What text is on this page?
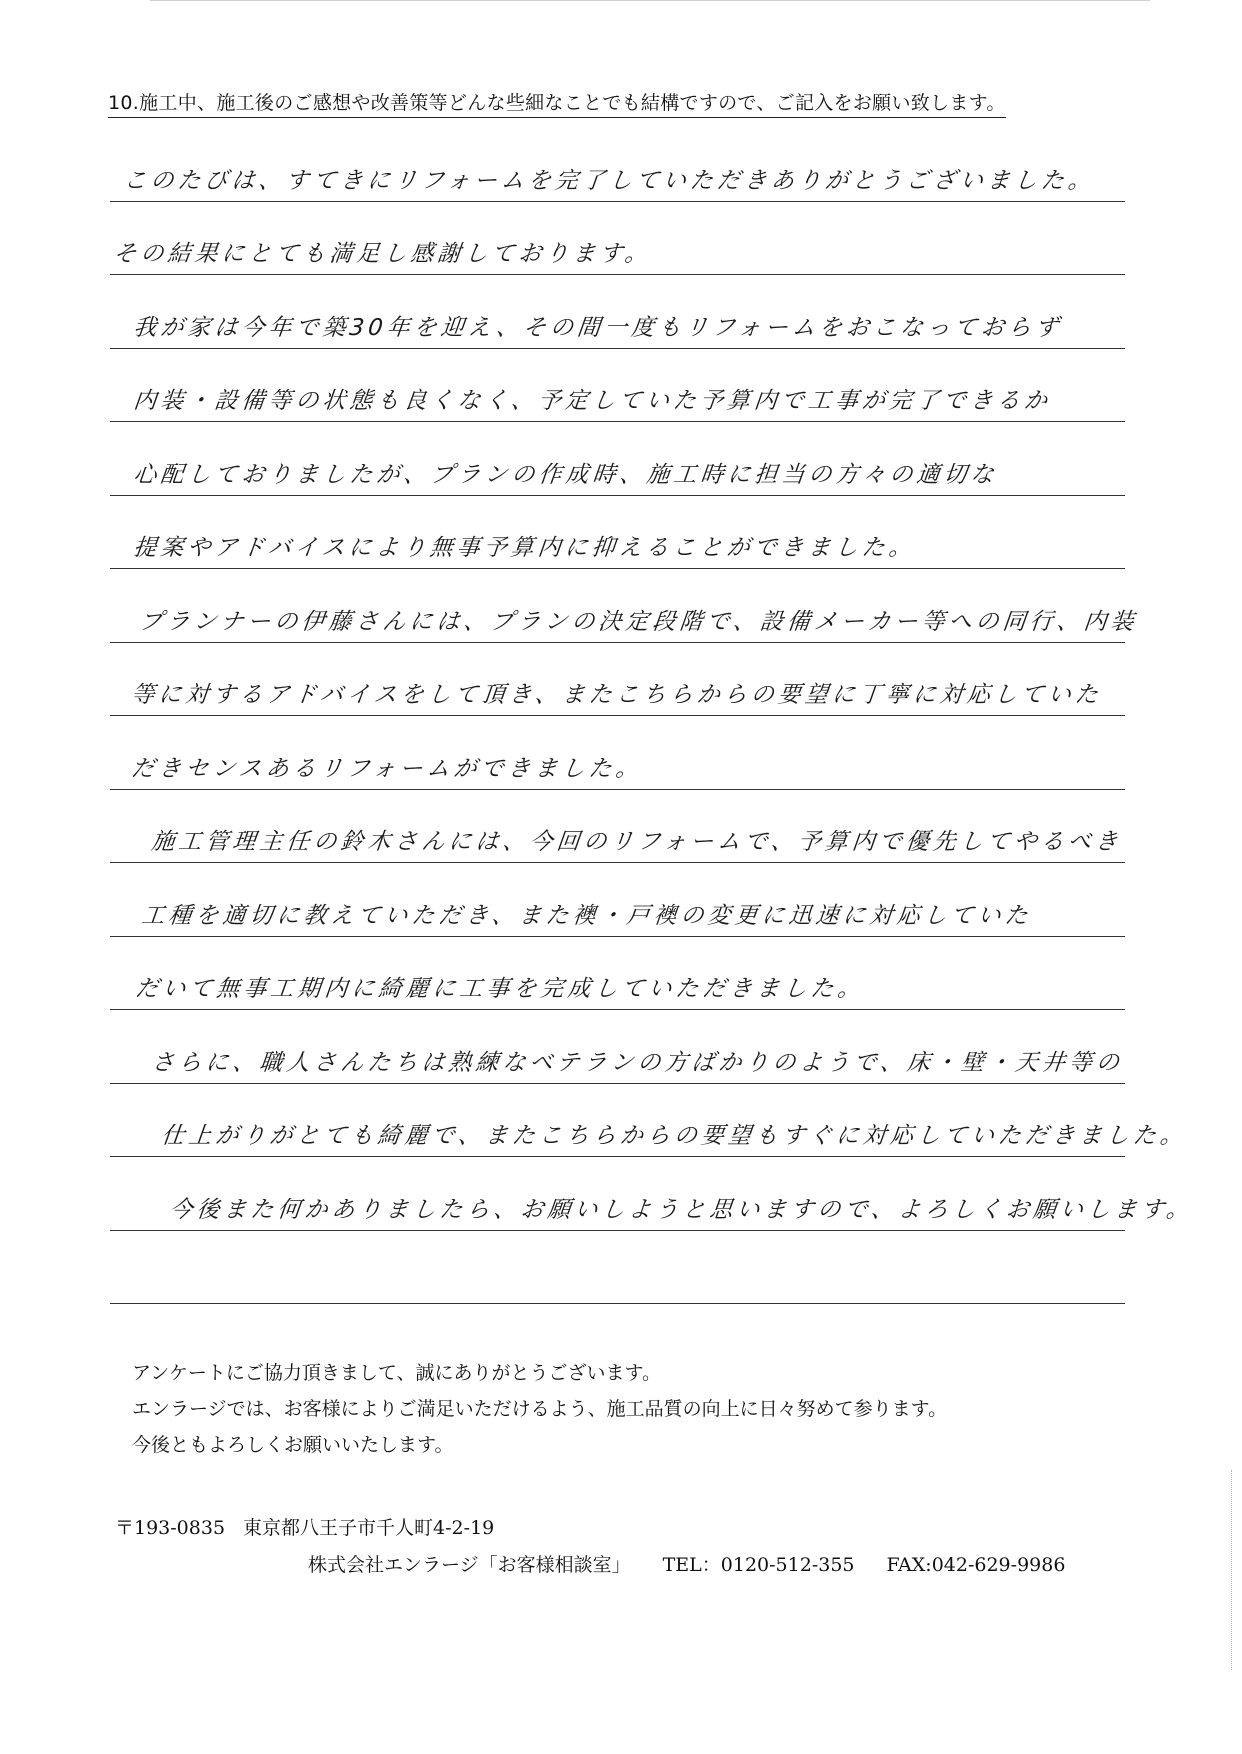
10.施工中、施工後のご感想や改善策等どんな些細なことでも結構ですので、ご記入をお願い致します。
このたびは、すてきにリフォームを完了していただきありがとうございました。
その結果にとても満足し感謝しております。
我が家は今年で築30年を迎え、その間一度もリフォームをおこなっておらず
内装・設備等の状態も良くなく、予定していた予算内で工事が完了できるか
心配しておりましたが、プランの作成時、施工時に担当の方々の適切な
提案やアドバイスにより無事予算内に抑えることができました。
プランナーの伊藤さんには、プランの決定段階で、設備メーカー等への同行、内装
等に対するアドバイスをして頂き、またこちらからの要望に丁寧に対応していた
だきセンスあるリフォームができました。
施工管理主任の鈴木さんには、今回のリフォームで、予算内で優先してやるべき
工種を適切に教えていただき、また襖・戸襖の変更に迅速に対応していた
だいて無事工期内に綺麗に工事を完成していただきました。
さらに、職人さんたちは熟練なベテランの方ばかりのようで、床・壁・天井等の
仕上がりがとても綺麗で、またこちらからの要望もすぐに対応していただきました。
今後また何かありましたら、お願いしようと思いますので、よろしくお願いします。
アンケートにご協力頂きまして、誠にありがとうございます。
エンラージでは、お客様によりご満足いただけるよう、施工品質の向上に日々努めて参ります。
今後ともよろしくお願いいたします。
〒193-0835 東京都八王子市千人町4-2-19
株式会社エンラージ「お客様相談室」 TEL：0120-512-355 FAX:042-629-9986
